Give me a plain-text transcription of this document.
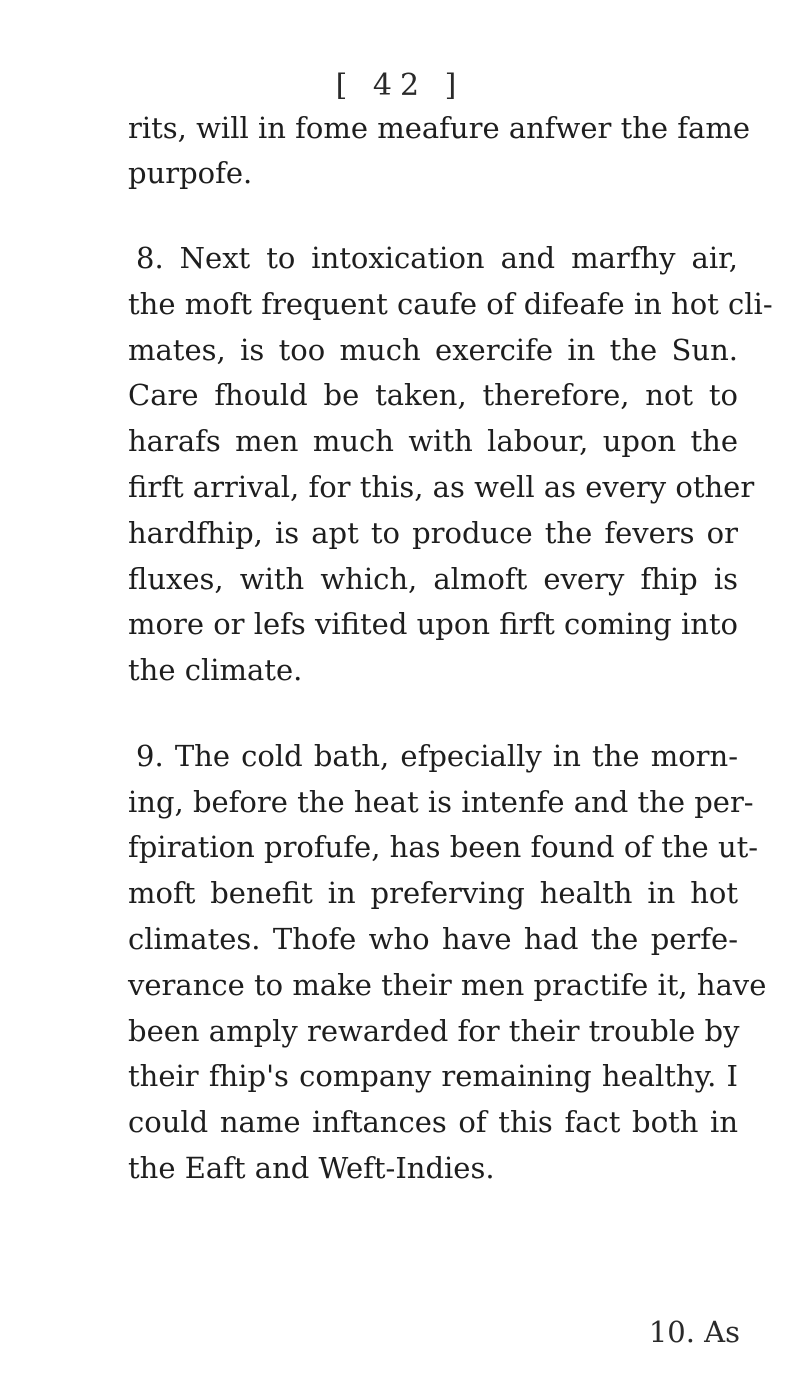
[ 42 ]
rits, will in fome meafure anfwer the fame
purpofe.
8. Next to intoxication and marfhy air,
the moft frequent caufe of difeafe in hot cli-
mates, is too much exercife in the Sun.
Care fhould be taken, therefore, not to
harafs men much with labour, upon the
firft arrival, for this, as well as every other
hardfhip, is apt to produce the fevers or
fluxes, with which, almoft every fhip is
more or lefs vifited upon firft coming into
the climate.
9. The cold bath, efpecially in the morn-
ing, before the heat is intenfe and the per-
fpiration profufe, has been found of the ut-
moft benefit in preferving health in hot
climates. Thofe who have had the perfe-
verance to make their men practife it, have
been amply rewarded for their trouble by
their fhip's company remaining healthy. I
could name inftances of this fact both in
the Eaft and Weft-Indies.
10. As
